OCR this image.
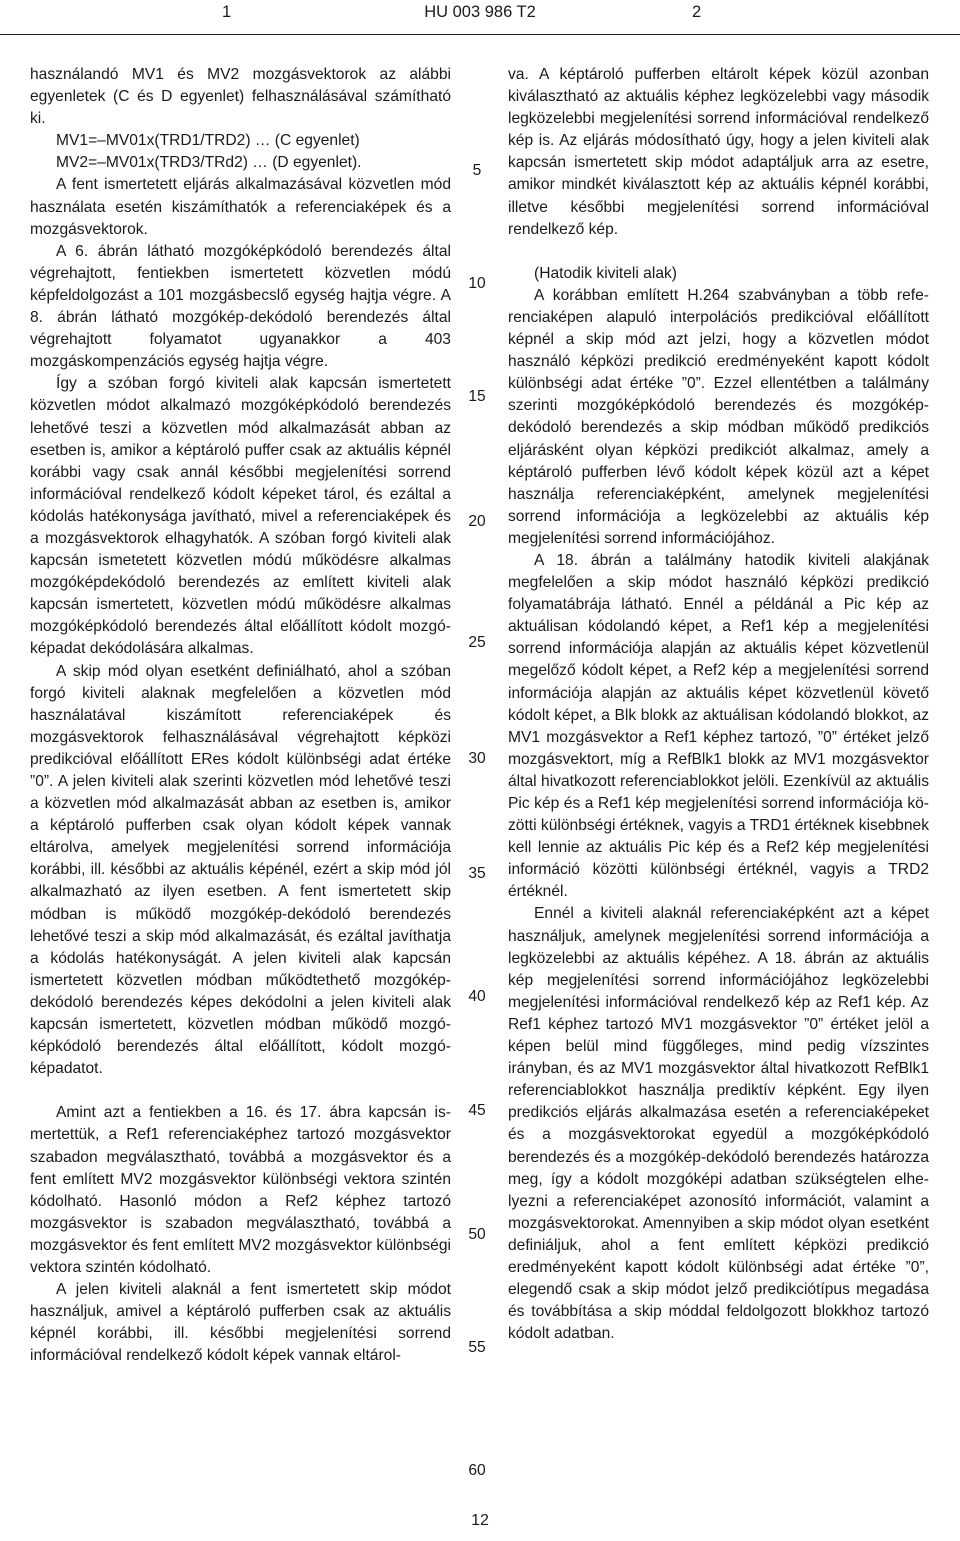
1	HU 003 986 T2	2

használandó MV1 és MV2 mozgásvektorok az alábbi egyenletek (C és D egyenlet) felhasználásával számítható ki.

MV1=–MV01x(TRD1/TRD2) … (C egyenlet)

MV2=–MV01x(TRD3/TRd2) … (D egyenlet).

A fent ismertetett eljárás alkalmazásával közvetlen mód használata esetén kiszámíthatók a referenciaképek és a mozgásvektorok.

A 6. ábrán látható mozgóképkódoló berendezés által végrehajtott, fentiekben ismertetett közvetlen módú képfeldolgozást a 101 mozgásbecslő egység hajtja végre. A 8. ábrán látható mozgókép-dekódoló berendezés által végrehajtott folyamatot ugyanakkor a 403 mozgáskompenzációs egység hajtja végre.

Így a szóban forgó kiviteli alak kapcsán ismertetett közvetlen módot alkalmazó mozgóképkódoló berendezés lehetővé teszi a közvetlen mód alkalmazását abban az esetben is, amikor a képtároló puffer csak az aktuális képnél korábbi vagy csak annál későbbi megjelenítési sorrend információval rendelkező kódolt képeket tárol, és ezáltal a kódolás hatékonysága javítható, mivel a referenciaképek és a mozgásvektorok elhagyhatók. A szóban forgó kiviteli alak kapcsán ismetetett közvetlen módú működésre alkalmas mozgóképdekódoló berendezés az említett kiviteli alak kapcsán ismertetett, közvetlen módú működésre alkalmas mozgóképkódoló berendezés által előállított kódolt mozgóképadat dekódolására alkalmas.

A skip mód olyan esetként definiálható, ahol a szóban forgó kiviteli alaknak megfelelően a közvetlen mód használatával kiszámított referenciaképek és mozgásvektorok felhasználásával végrehajtott képközi predikcióval előállított ERes kódolt különbségi adat értéke ”0”. A jelen kiviteli alak szerinti közvetlen mód lehetővé teszi a közvetlen mód alkalmazását abban az esetben is, amikor a képtároló pufferben csak olyan kódolt képek vannak eltárolva, amelyek megjelenítési sorrend információja korábbi, ill. későbbi az aktuális képénél, ezért a skip mód jól alkalmazható az ilyen esetben. A fent ismertetett skip módban is működő mozgókép-dekódoló berendezés lehetővé teszi a skip mód alkalmazását, és ezáltal javíthatja a kódolás hatékonyságát. A jelen kiviteli alak kapcsán ismertetett közvetlen módban működtethető mozgókép-dekódoló berendezés képes dekódolni a jelen kiviteli alak kapcsán ismertetett, közvetlen módban működő mozgóképkódoló berendezés által előállított, kódolt mozgóképadatot.

Amint azt a fentiekben a 16. és 17. ábra kapcsán ismertettük, a Ref1 referenciaképhez tartozó mozgásvektor szabadon megválasztható, továbbá a mozgásvektor és a fent említett MV2 mozgásvektor különbségi vektora szintén kódolható. Hasonló módon a Ref2 képhez tartozó mozgásvektor is szabadon megválasztható, továbbá a mozgásvektor és fent említett MV2 mozgásvektor különbségi vektora szintén kódolható.

A jelen kiviteli alaknál a fent ismertetett skip módot használjuk, amivel a képtároló pufferben csak az aktuális képnél korábbi, ill. későbbi megjelenítési sorrend információval rendelkező kódolt képek vannak eltárol-

5
10
15
20
25
30
35
40
45
50
55
60

va. A képtároló pufferben eltárolt képek közül azonban kiválasztható az aktuális képhez legközelebbi vagy második legközelebbi megjelenítési sorrend információval rendelkező kép is. Az eljárás módosítható úgy, hogy a jelen kiviteli alak kapcsán ismertetett skip módot adaptáljuk arra az esetre, amikor mindkét kiválasztott kép az aktuális képnél korábbi, illetve későbbi megjelenítési sorrend információval rendelkező kép.

(Hatodik kiviteli alak)

A korábban említett H.264 szabványban a több referenciaképen alapuló interpolációs predikcióval előállított képnél a skip mód azt jelzi, hogy a közvetlen módot használó képközi predikció eredményeként kapott kódolt különbségi adat értéke ”0”. Ezzel ellentétben a találmány szerinti mozgóképkódoló berendezés és mozgókép-dekódoló berendezés a skip módban működő predikciós eljárásként olyan képközi predikciót alkalmaz, amely a képtároló pufferben lévő kódolt képek közül azt a képet használja referenciaképként, amelynek megjelenítési sorrend információja a legközelebbi az aktuális kép megjelenítési sorrend információjához.

A 18. ábrán a találmány hatodik kiviteli alakjának megfelelően a skip módot használó képközi predikció folyamatábrája látható. Ennél a példánál a Pic kép az aktuálisan kódolandó képet, a Ref1 kép a megjelenítési sorrend információja alapján az aktuális képet közvetlenül megelőző kódolt képet, a Ref2 kép a megjelenítési sorrend információja alapján az aktuális képet közvetlenül követő kódolt képet, a Blk blokk az aktuálisan kódolandó blokkot, az MV1 mozgásvektor a Ref1 képhez tartozó, ”0” értéket jelző mozgásvektort, míg a RefBlk1 blokk az MV1 mozgásvektor által hivatkozott referenciablokkot jelöli. Ezenkívül az aktuális Pic kép és a Ref1 kép megjelenítési sorrend információja közötti különbségi értéknek, vagyis a TRD1 értéknek kisebbnek kell lennie az aktuális Pic kép és a Ref2 kép megjelenítési információ közötti különbségi értéknél, vagyis a TRD2 értéknél.

Ennél a kiviteli alaknál referenciaképként azt a képet használjuk, amelynek megjelenítési sorrend információja a legközelebbi az aktuális képéhez. A 18. ábrán az aktuális kép megjelenítési sorrend információjához legközelebbi megjelenítési információval rendelkező kép az Ref1 kép. Az Ref1 képhez tartozó MV1 mozgásvektor ”0” értéket jelöl a képen belül mind függőleges, mind pedig vízszintes irányban, és az MV1 mozgásvektor által hivatkozott RefBlk1 referenciablokkot használja prediktív képként. Egy ilyen predikciós eljárás alkalmazása esetén a referenciaképeket és a mozgásvektorokat egyedül a mozgóképkódoló berendezés és a mozgókép-dekódoló berendezés határozza meg, így a kódolt mozgóképi adatban szükségtelen elhelyezni a referenciaképet azonosító információt, valamint a mozgásvektorokat. Amennyiben a skip módot olyan esetként definiáljuk, ahol a fent említett képközi predikció eredményeként kapott kódolt különbségi adat értéke ”0”, elegendő csak a skip módot jelző predikciótípus megadása és továbbítása a skip móddal feldolgozott blokkhoz tartozó kódolt adatban.

12
